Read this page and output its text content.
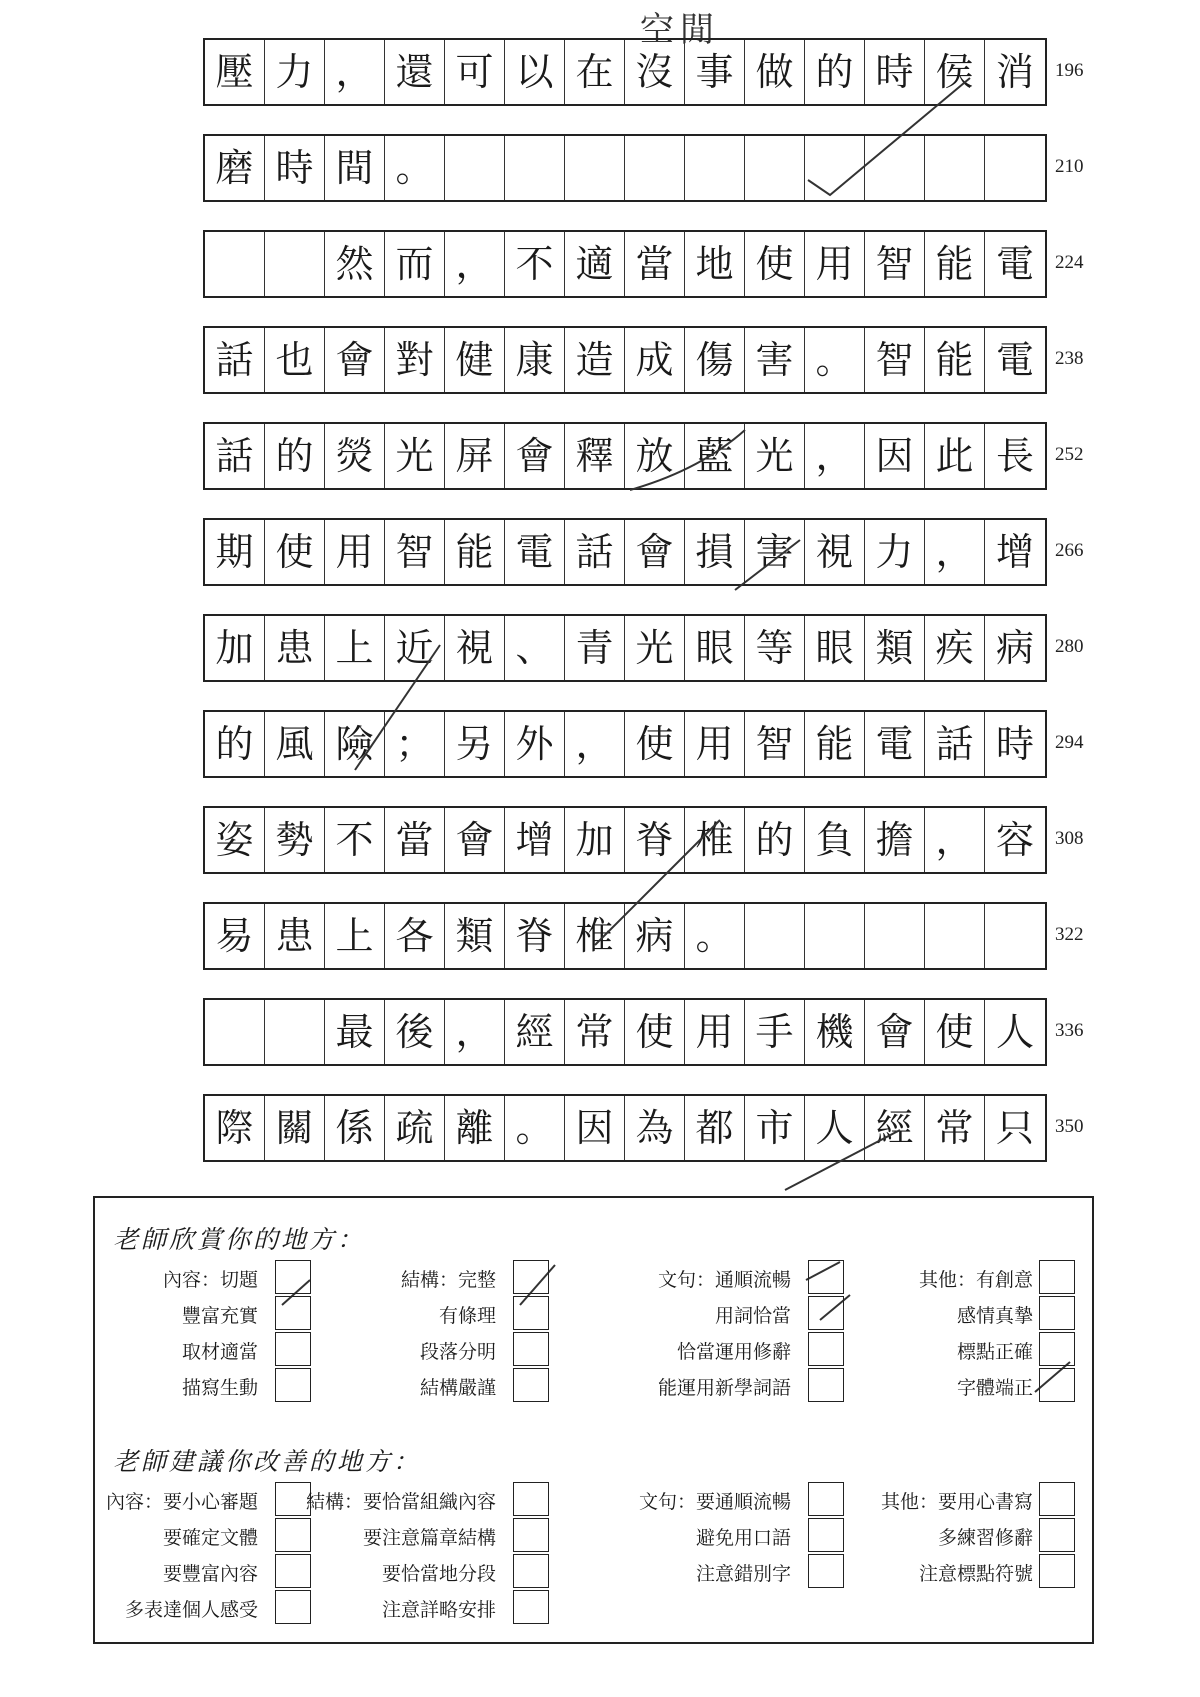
空閒
壓 力 ， 還 可 以 在 沒 事 做 的 時 侯 消	196
磨 時 間 。	210
然 而 ， 不 適 當 地 使 用 智 能 電	224
話 也 會 對 健 康 造 成 傷 害 。 智 能 電	238
話 的 熒 光 屏 會 釋 放 藍 光 ， 因 此 長	252
期 使 用 智 能 電 話 會 損 害 視 力 ， 增	266
加 患 上 近 視 、 青 光 眼 等 眼 類 疾 病	280
的 風 險 ； 另 外 ， 使 用 智 能 電 話 時	294
姿 勢 不 當 會 增 加 脊 椎 的 負 擔 ， 容	308
易 患 上 各 類 脊 椎 病 。	322
最 後 ， 經 常 使 用 手 機 會 使 人	336
際 關 係 疏 離 。 因 為 都 市 人 經 常 只	350
老師欣賞你的地方：
老師建議你改善的地方：
內容：切題
豐富充實
取材適當
描寫生動
結構：完整
有條理
段落分明
結構嚴謹
文句：通順流暢
用詞恰當
恰當運用修辭
能運用新學詞語
其他：有創意
感情真摯
標點正確
字體端正
內容：要小心審題
要確定文體
要豐富內容
多表達個人感受
結構：要恰當組織內容
要注意篇章結構
要恰當地分段
注意詳略安排
文句：要通順流暢
避免用口語
注意錯別字
其他：要用心書寫
多練習修辭
注意標點符號
